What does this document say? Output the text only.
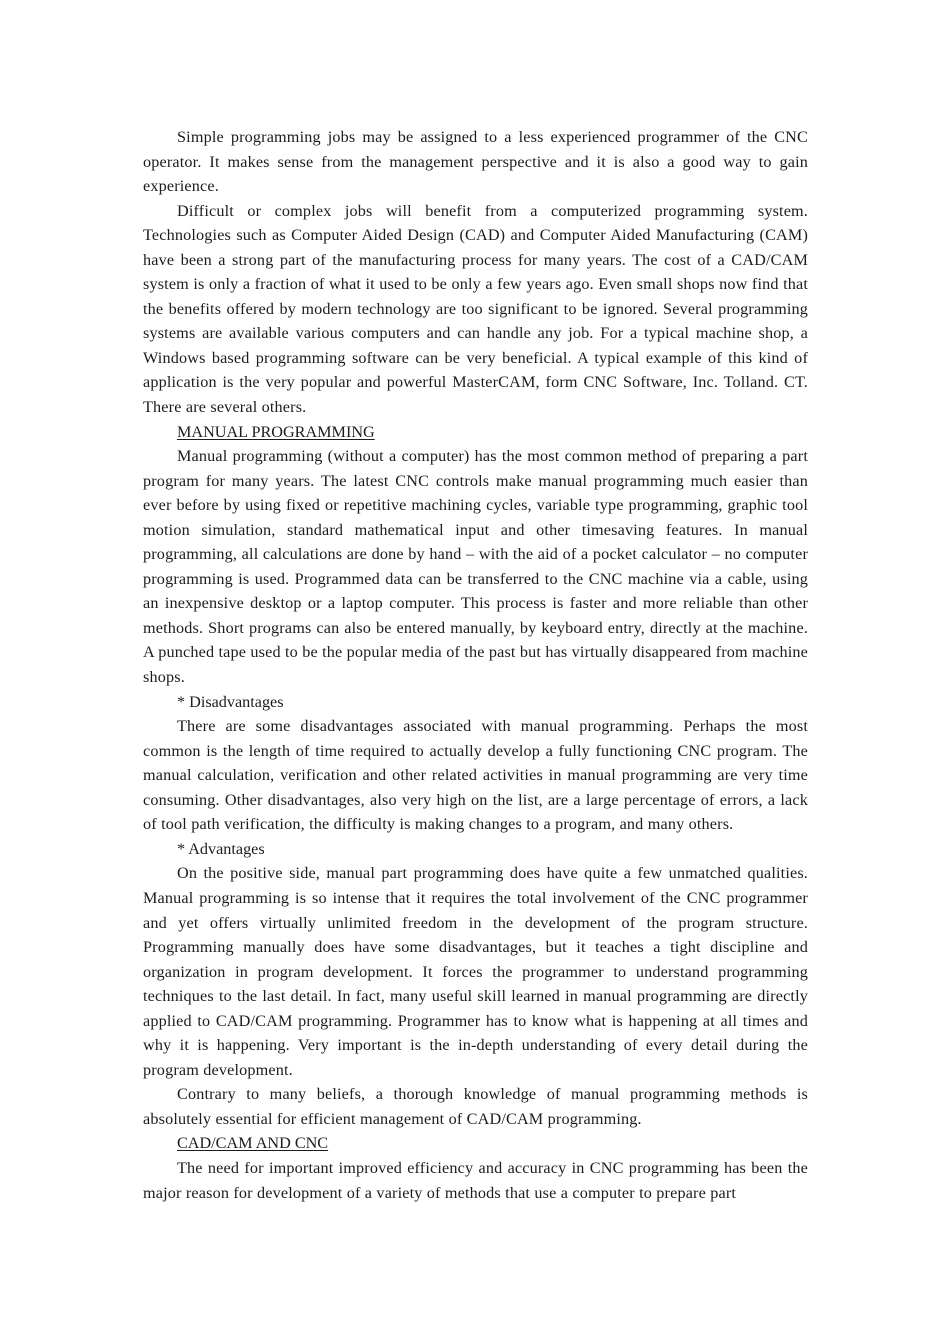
Simple programming jobs may be assigned to a less experienced programmer of the CNC operator. It makes sense from the management perspective and it is also a good way to gain experience.

Difficult or complex jobs will benefit from a computerized programming system. Technologies such as Computer Aided Design (CAD) and Computer Aided Manufacturing (CAM) have been a strong part of the manufacturing process for many years. The cost of a CAD/CAM system is only a fraction of what it used to be only a few years ago. Even small shops now find that the benefits offered by modern technology are too significant to be ignored. Several programming systems are available various computers and can handle any job. For a typical machine shop, a Windows based programming software can be very beneficial. A typical example of this kind of application is the very popular and powerful MasterCAM, form CNC Software, Inc. Tolland. CT. There are several others.

MANUAL PROGRAMMING

Manual programming (without a computer) has the most common method of preparing a part program for many years. The latest CNC controls make manual programming much easier than ever before by using fixed or repetitive machining cycles, variable type programming, graphic tool motion simulation, standard mathematical input and other timesaving features. In manual programming, all calculations are done by hand – with the aid of a pocket calculator – no computer programming is used. Programmed data can be transferred to the CNC machine via a cable, using an inexpensive desktop or a laptop computer. This process is faster and more reliable than other methods. Short programs can also be entered manually, by keyboard entry, directly at the machine. A punched tape used to be the popular media of the past but has virtually disappeared from machine shops.

* Disadvantages

There are some disadvantages associated with manual programming. Perhaps the most common is the length of time required to actually develop a fully functioning CNC program. The manual calculation, verification and other related activities in manual programming are very time consuming. Other disadvantages, also very high on the list, are a large percentage of errors, a lack of tool path verification, the difficulty is making changes to a program, and many others.

* Advantages

On the positive side, manual part programming does have quite a few unmatched qualities. Manual programming is so intense that it requires the total involvement of the CNC programmer and yet offers virtually unlimited freedom in the development of the program structure. Programming manually does have some disadvantages, but it teaches a tight discipline and organization in program development. It forces the programmer to understand programming techniques to the last detail. In fact, many useful skill learned in manual programming are directly applied to CAD/CAM programming. Programmer has to know what is happening at all times and why it is happening. Very important is the in-depth understanding of every detail during the program development.

Contrary to many beliefs, a thorough knowledge of manual programming methods is absolutely essential for efficient management of CAD/CAM programming.

CAD/CAM AND CNC

The need for important improved efficiency and accuracy in CNC programming has been the major reason for development of a variety of methods that use a computer to prepare part
